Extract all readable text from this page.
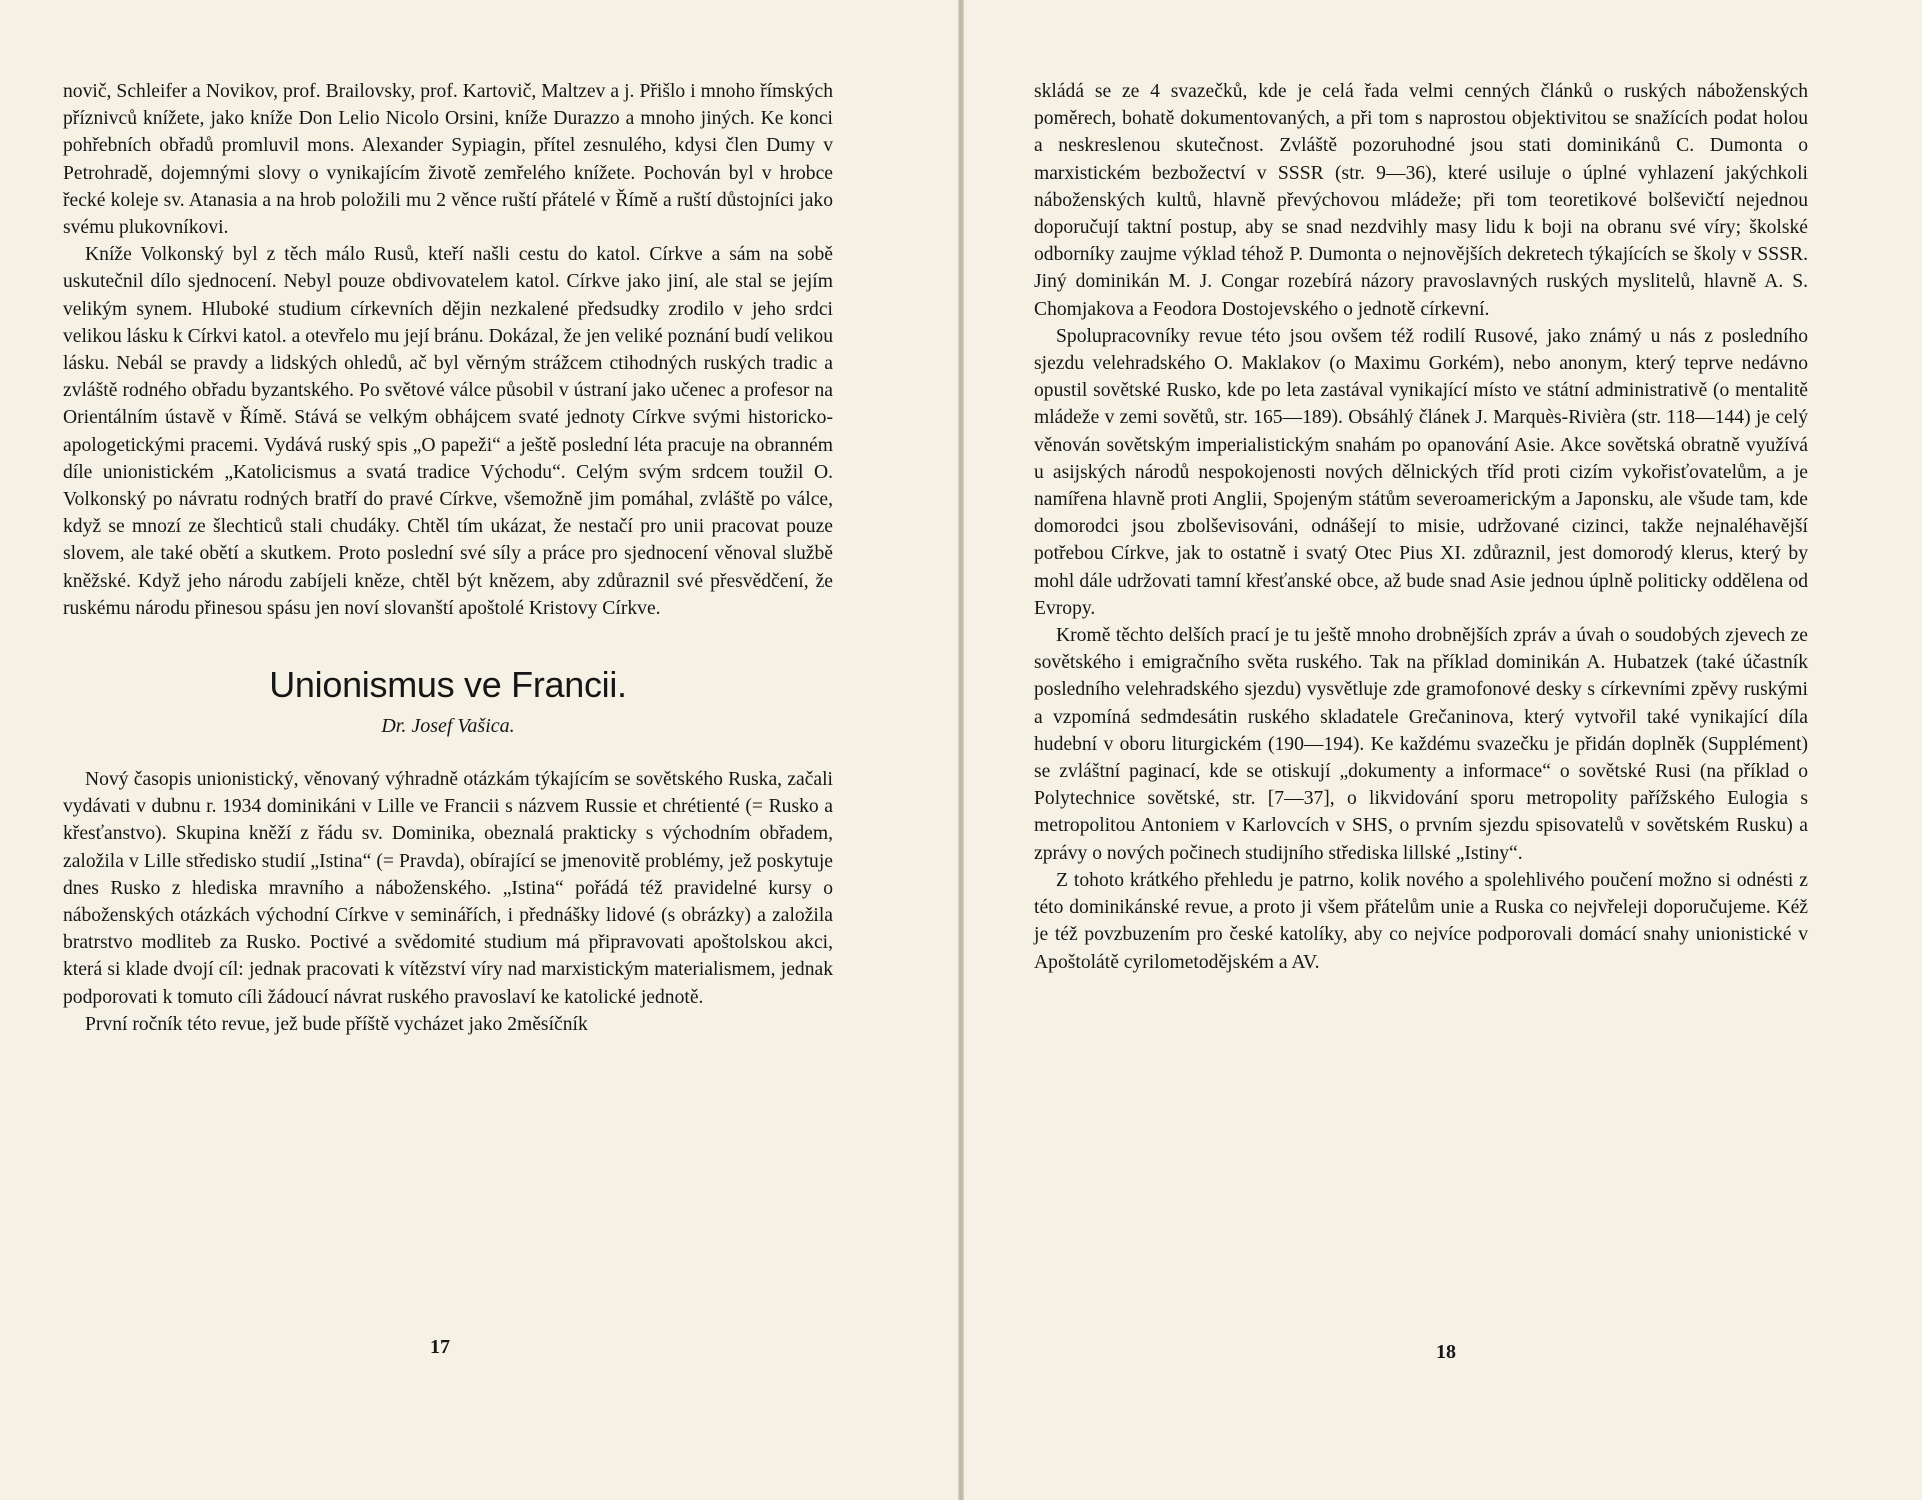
novič, Schleifer a Novikov, prof. Brailovsky, prof. Kartovič, Maltzev a j. Přišlo i mnoho římských příznivců knížete, jako kníže Don Lelio Nicolo Orsini, kníže Durazzo a mnoho jiných. Ke konci pohřebních obřadů promluvil mons. Alexander Sypiagin, přítel zesnulého, kdysi člen Dumy v Petrohradě, dojemnými slovy o vynikajícím životě zemřelého knížete. Pochován byl v hrobce řecké koleje sv. Atanasia a na hrob položili mu 2 věnce ruští přátelé v Římě a ruští důstojníci jako svému plukovníkovi.

Kníže Volkonský byl z těch málo Rusů, kteří našli cestu do katol. Církve a sám na sobě uskutečnil dílo sjednocení. Nebyl pouze obdivovatelem katol. Církve jako jiní, ale stal se jejím velikým synem. Hluboké studium církevních dějin nezkalené předsudky zrodilo v jeho srdci velikou lásku k Církvi katol. a otevřelo mu její bránu. Dokázal, že jen veliké poznání budí velikou lásku. Nebál se pravdy a lidských ohledů, ač byl věrným strážcem ctihodných ruských tradic a zvláště rodného obřadu byzantského. Po světové válce působil v ústraní jako učenec a profesor na Orientálním ústavě v Římě. Stává se velkým obhájcem svaté jednoty Církve svými historicko-apologetickými pracemi. Vydává ruský spis „O papeži“ a ještě poslední léta pracuje na obranném díle unionistickém „Katolicismus a svatá tradice Východu“. Celým svým srdcem toužil O. Volkonský po návratu rodných bratří do pravé Církve, všemožně jim pomáhal, zvláště po válce, když se mnozí ze šlechticů stali chudáky. Chtěl tím ukázat, že nestačí pro unii pracovat pouze slovem, ale také obětí a skutkem. Proto poslední své síly a práce pro sjednocení věnoval službě kněžské. Když jeho národu zabíjeli kněze, chtěl být knězem, aby zdůraznil své přesvědčení, že ruskému národu přinesou spásu jen noví slovanští apoštolé Kristovy Církve.

Unionismus ve Francii.
Dr. Josef Vašica.

Nový časopis unionistický, věnovaný výhradně otázkám týkajícím se sovětského Ruska, začali vydávati v dubnu r. 1934 dominikáni v Lille ve Francii s názvem Russie et chrétienté (= Rusko a křesťanstvo). Skupina kněží z řádu sv. Dominika, obeznalá prakticky s východním obřadem, založila v Lille středisko studií „Istina“ (= Pravda), obírající se jmenovitě problémy, jež poskytuje dnes Rusko z hlediska mravního a náboženského. „Istina“ pořádá též pravidelné kursy o náboženských otázkách východní Církve v seminářích, i přednášky lidové (s obrázky) a založila bratrstvo modliteb za Rusko. Poctivé a svědomité studium má připravovati apoštolskou akci, která si klade dvojí cíl: jednak pracovati k vítězství víry nad marxistickým materialismem, jednak podporovati k tomuto cíli žádoucí návrat ruského pravoslaví ke katolické jednotě.

První ročník této revue, jež bude příště vycházet jako 2měsíčník

17

skládá se ze 4 svazečků, kde je celá řada velmi cenných článků o ruských náboženských poměrech, bohatě dokumentovaných, a při tom s naprostou objektivitou se snažících podat holou a neskreslenou skutečnost. Zvláště pozoruhodné jsou stati dominikánů C. Dumonta o marxistickém bezbožectví v SSSR (str. 9—36), které usiluje o úplné vyhlazení jakýchkoli náboženských kultů, hlavně převýchovou mládeže; při tom teoretikové bolševičtí nejednou doporučují taktní postup, aby se snad nezdvihly masy lidu k boji na obranu své víry; školské odborníky zaujme výklad téhož P. Dumonta o nejnovějších dekretech týkajících se školy v SSSR. Jiný dominikán M. J. Congar rozebírá názory pravoslavných ruských myslitelů, hlavně A. S. Chomjakova a Feodora Dostojevského o jednotě církevní.

Spolupracovníky revue této jsou ovšem též rodilí Rusové, jako známý u nás z posledního sjezdu velehradského O. Maklakov (o Maximu Gorkém), nebo anonym, který teprve nedávno opustil sovětské Rusko, kde po leta zastával vynikající místo ve státní administrativě (o mentalitě mládeže v zemi sovětů, str. 165—189). Obsáhlý článek J. Marquès-Rivièra (str. 118—144) je celý věnován sovětským imperialistickým snahám po opanování Asie. Akce sovětská obratně využívá u asijských národů nespokojenosti nových dělnických tříd proti cizím vykořisťovatelům, a je namířena hlavně proti Anglii, Spojeným státům severoamerickým a Japonsku, ale všude tam, kde domorodci jsou zbolševisováni, odnášejí to misie, udržované cizinci, takže nejnaléhavější potřebou Církve, jak to ostatně i svatý Otec Pius XI. zdůraznil, jest domorodý klerus, který by mohl dále udržovati tamní křesťanské obce, až bude snad Asie jednou úplně politicky oddělena od Evropy.

Kromě těchto delších prací je tu ještě mnoho drobnějších zpráv a úvah o soudobých zjevech ze sovětského i emigračního světa ruského. Tak na příklad dominikán A. Hubatzek (také účastník posledního velehradského sjezdu) vysvětluje zde gramofonové desky s církevními zpěvy ruskými a vzpomíná sedmdesátin ruského skladatele Grečaninova, který vytvořil také vynikající díla hudební v oboru liturgickém (190—194). Ke každému svazečku je přidán doplněk (Supplément) se zvláštní paginací, kde se otiskují „dokumenty a informace“ o sovětské Rusi (na příklad o Polytechnice sovětské, str. [7—37], o likvidování sporu metropolity pařížského Eulogia s metropolitou Antoniem v Karlovcích v SHS, o prvním sjezdu spisovatelů v sovětském Rusku) a zprávy o nových počinech studijního střediska lillské „Istiny“.

Z tohoto krátkého přehledu je patrno, kolik nového a spolehlivého poučení možno si odnésti z této dominikánské revue, a proto ji všem přátelům unie a Ruska co nejvřeleji doporučujeme. Kéž je též povzbuzením pro české katolíky, aby co nejvíce podporovali domácí snahy unionistické v Apoštolátě cyrilometodějském a AV.

18
